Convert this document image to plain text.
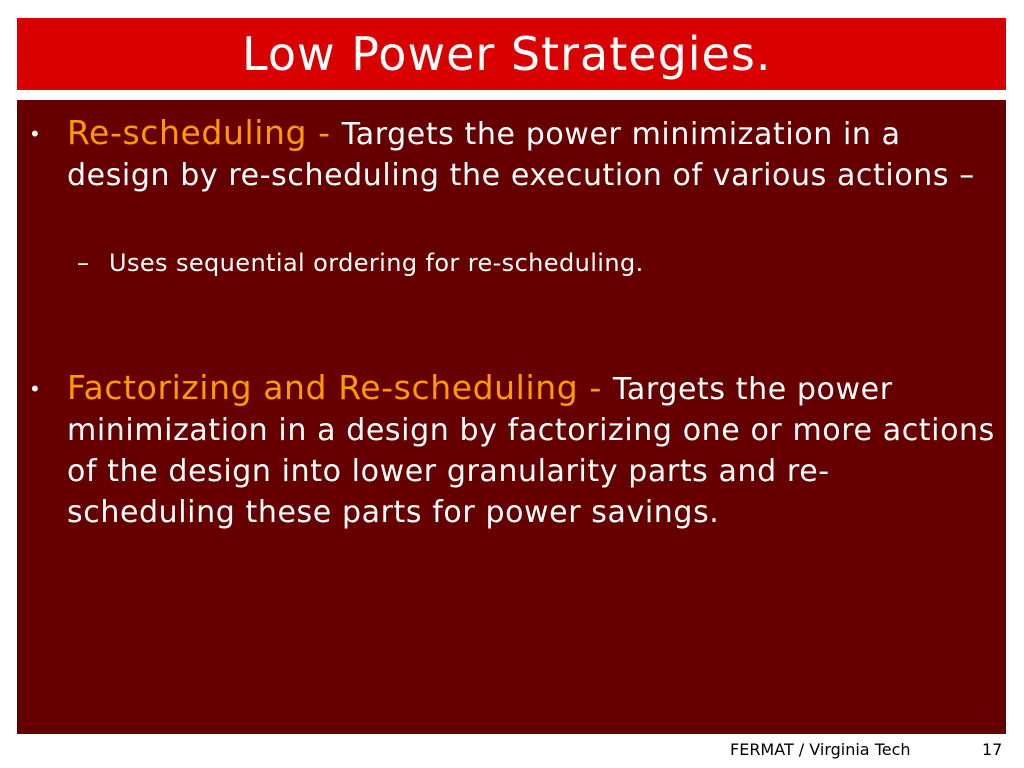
Low Power Strategies.
• Re-scheduling - Targets the power minimization in a design by re-scheduling the execution of various actions –
– Uses sequential ordering for re-scheduling.
• Factorizing and Re-scheduling - Targets the power minimization in a design by factorizing one or more actions of the design into lower granularity parts and re-scheduling these parts for power savings.
FERMAT / Virginia Tech	17
